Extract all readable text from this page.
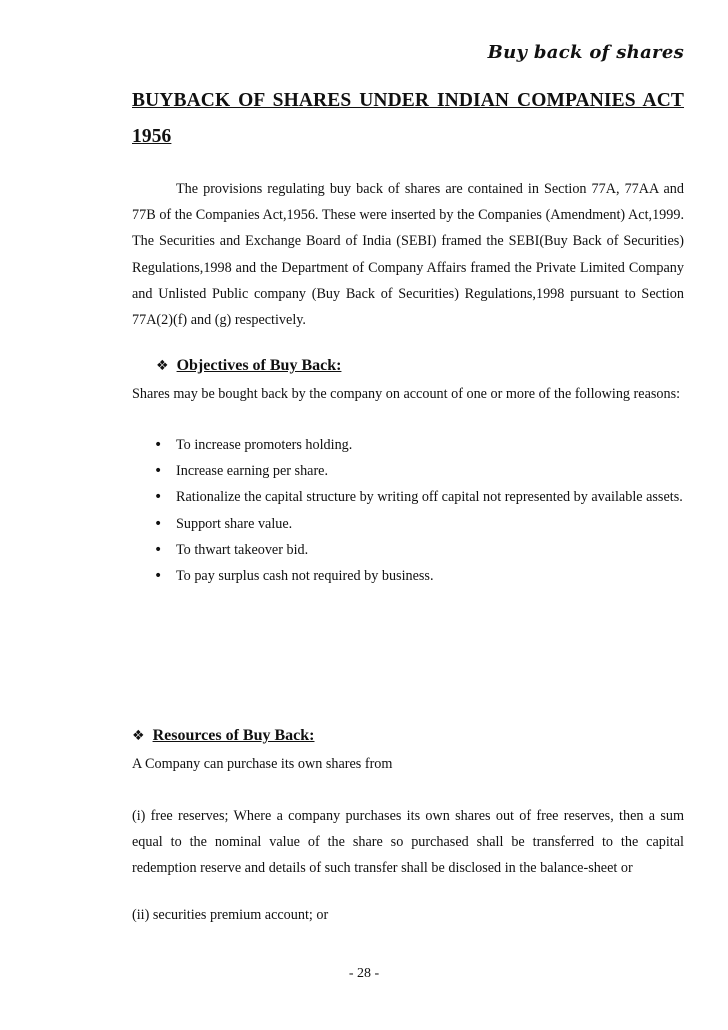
Buy back of shares
BUYBACK OF SHARES UNDER INDIAN COMPANIES ACT 1956

The provisions regulating buy back of shares are contained in Section 77A, 77AA and 77B of the Companies Act,1956. These were inserted by the Companies (Amendment) Act,1999. The Securities and Exchange Board of India (SEBI) framed the SEBI(Buy Back of Securities) Regulations,1998 and the Department of Company Affairs framed the Private Limited Company and Unlisted Public company (Buy Back of Securities) Regulations,1998 pursuant to Section 77A(2)(f) and (g) respectively.

❖ Objectives of Buy Back:

Shares may be bought back by the company on account of one or more of the following reasons:

• To increase promoters holding.
• Increase earning per share.
• Rationalize the capital structure by writing off capital not represented by available assets.
• Support share value.
• To thwart takeover bid.
• To pay surplus cash not required by business.
❖ Resources of Buy Back:

A Company can purchase its own shares from

(i) free reserves; Where a company purchases its own shares out of free reserves, then a sum equal to the nominal value of the share so purchased shall be transferred to the capital redemption reserve and details of such transfer shall be disclosed in the balance-sheet or

(ii) securities premium account; or

- 28 -
